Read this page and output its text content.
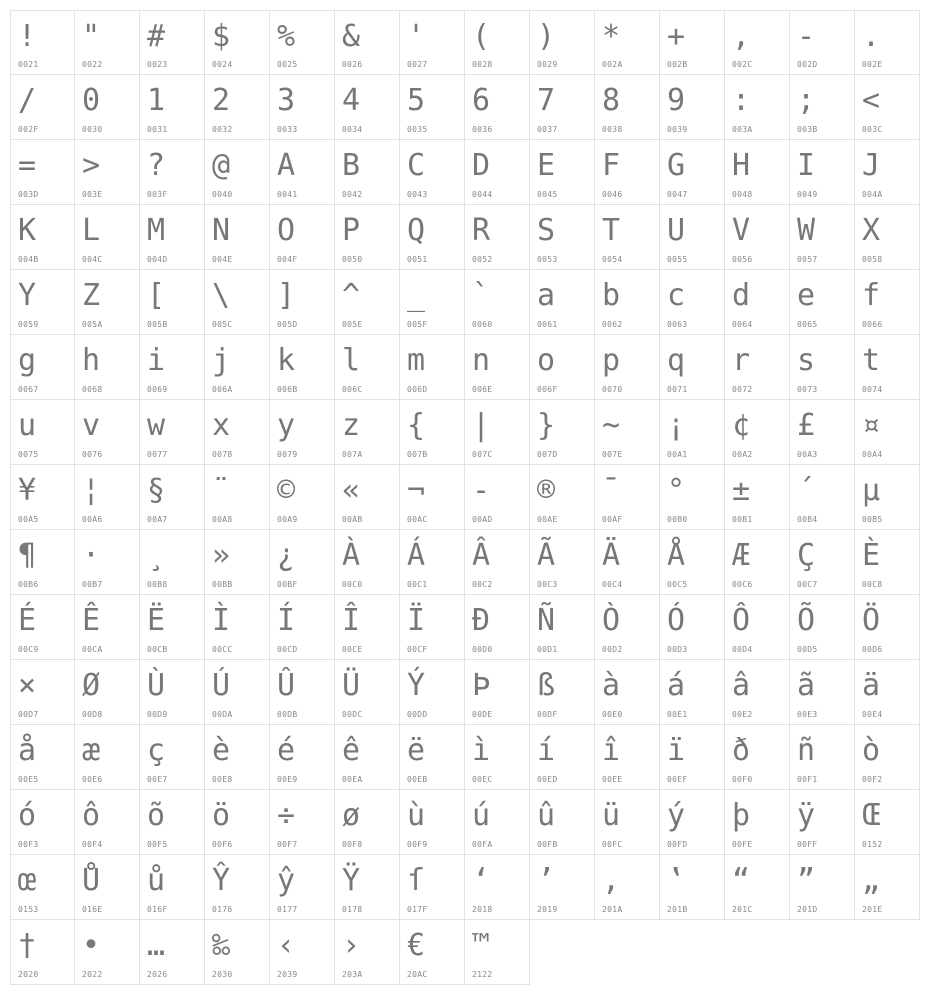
!
0021
"
0022
#
0023
$
0024
%
0025
&
0026
'
0027
(
0028
)
0029
*
002A
+
002B
,
002C
-
002D
.
002E
/
002F
0
0030
1
0031
2
0032
3
0033
4
0034
5
0035
6
0036
7
0037
8
0038
9
0039
:
003A
;
003B
<
003C
=
003D
>
003E
?
003F
@
0040
A
0041
B
0042
C
0043
D
0044
E
0045
F
0046
G
0047
H
0048
I
0049
J
004A
K
004B
L
004C
M
004D
N
004E
O
004F
P
0050
Q
0051
R
0052
S
0053
T
0054
U
0055
V
0056
W
0057
X
0058
Y
0059
Z
005A
[
005B
\
005C
]
005D
^
005E
_
005F
`
0060
a
0061
b
0062
c
0063
d
0064
e
0065
f
0066
g
0067
h
0068
i
0069
j
006A
k
006B
l
006C
m
006D
n
006E
o
006F
p
0070
q
0071
r
0072
s
0073
t
0074
u
0075
v
0076
w
0077
x
0078
y
0079
z
007A
{
007B
|
007C
}
007D
~
007E
¡
00A1
¢
00A2
£
00A3
¤
00A4
¥
00A5
¦
00A6
§
00A7
¨
00A8
©
00A9
«
00AB
¬
00AC
-
00AD
®
00AE
¯
00AF
°
00B0
±
00B1
´
00B4
µ
00B5
¶
00B6
·
00B7
¸
00B8
»
00BB
¿
00BF
À
00C0
Á
00C1
Â
00C2
Ã
00C3
Ä
00C4
Å
00C5
Æ
00C6
Ç
00C7
È
00C8
É
00C9
Ê
00CA
Ë
00CB
Ì
00CC
Í
00CD
Î
00CE
Ï
00CF
Đ
00D0
Ñ
00D1
Ò
00D2
Ó
00D3
Ô
00D4
Õ
00D5
Ö
00D6
×
00D7
Ø
00D8
Ù
00D9
Ú
00DA
Û
00DB
Ü
00DC
Ý
00DD
Þ
00DE
ß
00DF
à
00E0
á
00E1
â
00E2
ã
00E3
ä
00E4
å
00E5
æ
00E6
ç
00E7
è
00E8
é
00E9
ê
00EA
ë
00EB
ì
00EC
í
00ED
î
00EE
ï
00EF
ð
00F0
ñ
00F1
ò
00F2
ó
00F3
ô
00F4
õ
00F5
ö
00F6
÷
00F7
ø
00F8
ù
00F9
ú
00FA
û
00FB
ü
00FC
ý
00FD
þ
00FE
ÿ
00FF
Œ
0152
œ
0153
Ů
016E
ů
016F
Ŷ
0176
ŷ
0177
Ÿ
0178
ſ
017F
‘
2018
’
2019
‚
201A
‛
201B
“
201C
”
201D
„
201E
†
2020
•
2022
…
2026
‰
2030
‹
2039
›
203A
€
20AC
™
2122
